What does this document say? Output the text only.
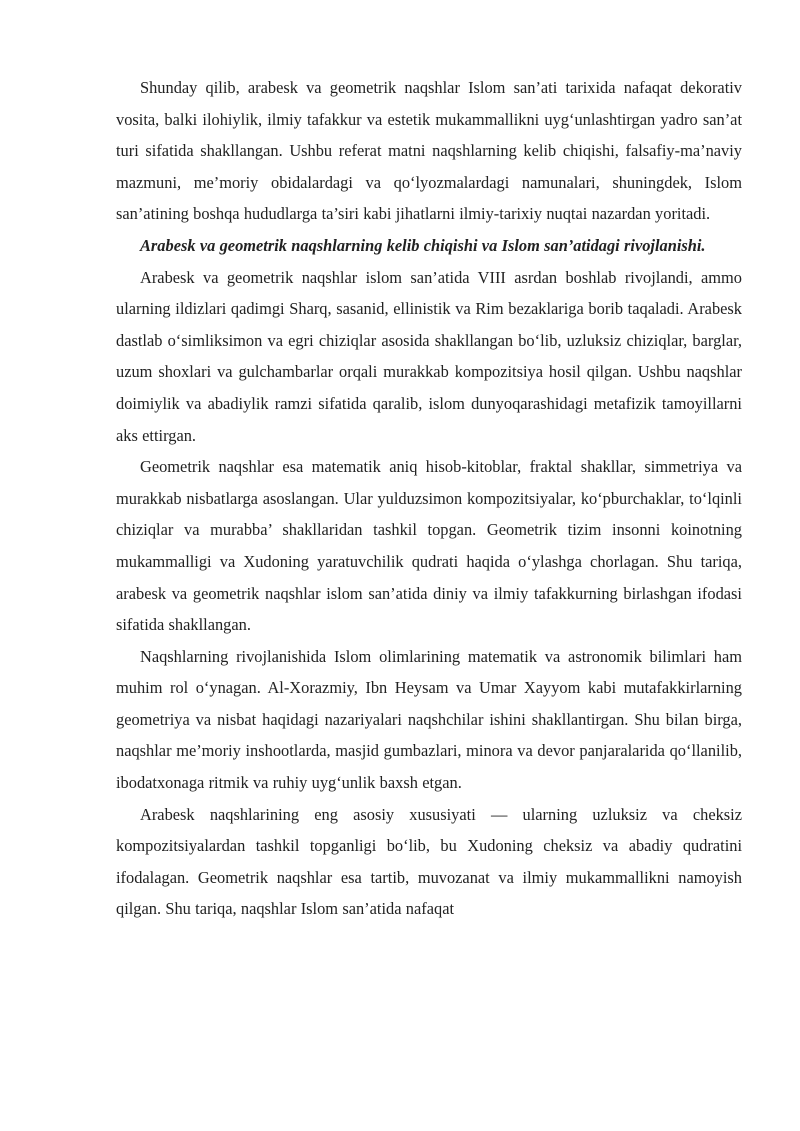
Shunday qilib, arabesk va geometrik naqshlar Islom san’ati tarixida nafaqat dekorativ vosita, balki ilohiylik, ilmiy tafakkur va estetik mukammallikni uyg‘unlashtirgan yadro san’at turi sifatida shakllangan. Ushbu referat matni naqshlarning kelib chiqishi, falsafiy-ma’naviy mazmuni, me’moriy obidalardagi va qo‘lyozmalardagi namunalari, shuningdek, Islom san’atining boshqa hududlarga ta’siri kabi jihatlarni ilmiy-tarixiy nuqtai nazardan yoritadi.

Arabesk va geometrik naqshlarning kelib chiqishi va Islom san’atidagi rivojlanishi.

Arabesk va geometrik naqshlar islom san’atida VIII asrdan boshlab rivojlandi, ammo ularning ildizlari qadimgi Sharq, sasanid, ellinistik va Rim bezaklariga borib taqaladi. Arabesk dastlab o‘simliksimon va egri chiziqlar asosida shakllangan bo‘lib, uzluksiz chiziqlar, barglar, uzum shoxlari va gulchambarlar orqali murakkab kompozitsiya hosil qilgan. Ushbu naqshlar doimiylik va abadiylik ramzi sifatida qaralib, islom dunyoqarashidagi metafizik tamoyillarni aks ettirgan.

Geometrik naqshlar esa matematik aniq hisob-kitoblar, fraktal shakllar, simmetriya va murakkab nisbatlarga asoslangan. Ular yulduzsimon kompozitsiyalar, ko‘pburchaklar, to‘lqinli chiziqlar va murabba’ shakllaridan tashkil topgan. Geometrik tizim insonni koinotning mukammalligi va Xudoning yaratuvchilik qudrati haqida o‘ylashga chorlagan. Shu tariqa, arabesk va geometrik naqshlar islom san’atida diniy va ilmiy tafakkurning birlashgan ifodasi sifatida shakllangan.

Naqshlarning rivojlanishida Islom olimlarining matematik va astronomik bilimlari ham muhim rol o‘ynagan. Al-Xorazmiy, Ibn Heysam va Umar Xayyom kabi mutafakkirlarning geometriya va nisbat haqidagi nazariyalari naqshchilar ishini shakllantirgan. Shu bilan birga, naqshlar me’moriy inshootlarda, masjid gumbazlari, minora va devor panjaralarida qo‘llanilib, ibodatxonaga ritmik va ruhiy uyg‘unlik baxsh etgan.

Arabesk naqshlarining eng asosiy xususiyati — ularning uzluksiz va cheksiz kompozitsiyalardan tashkil topganligi bo‘lib, bu Xudoning cheksiz va abadiy qudratini ifodalagan. Geometrik naqshlar esa tartib, muvozanat va ilmiy mukammallikni namoyish qilgan. Shu tariqa, naqshlar Islom san’atida nafaqat
